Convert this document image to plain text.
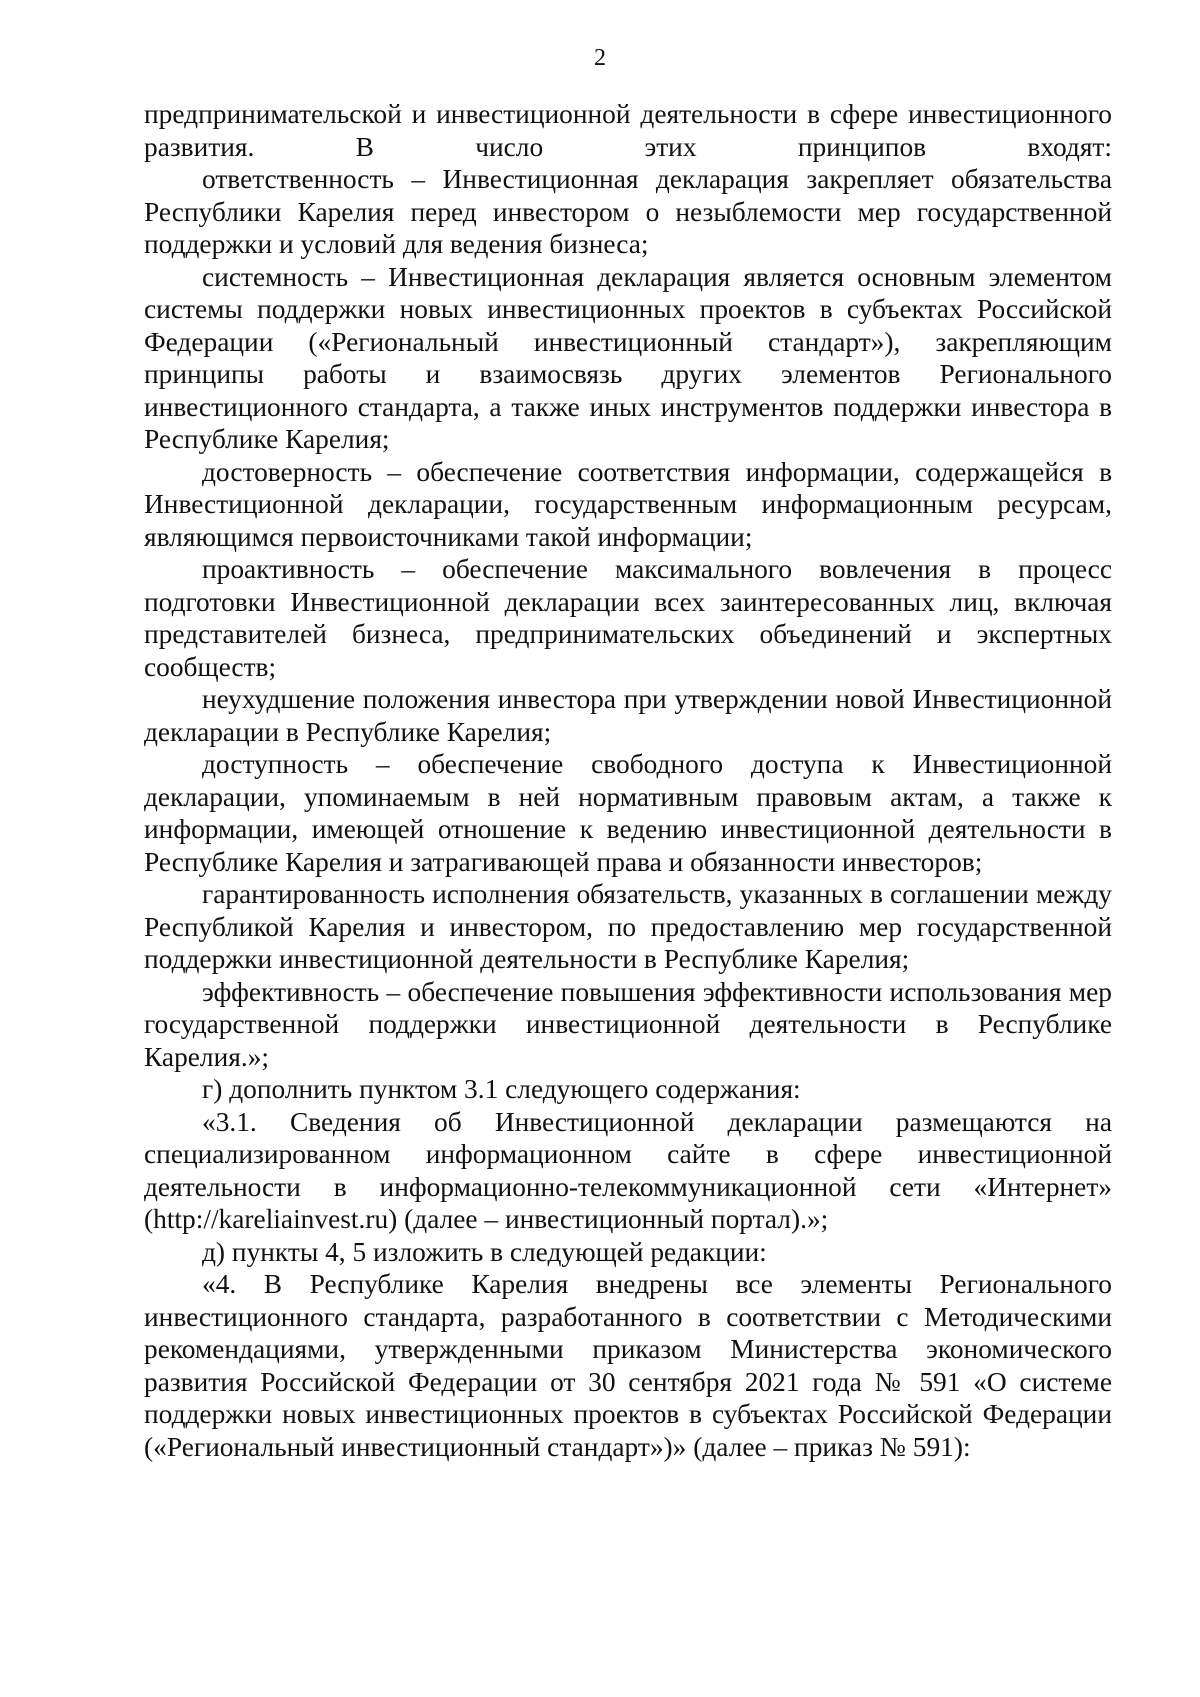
2

предпринимательской и инвестиционной деятельности в сфере инвестиционного развития. В число этих принципов входят:

ответственность – Инвестиционная декларация закрепляет обязательства Республики Карелия перед инвестором о незыблемости мер государственной поддержки и условий для ведения бизнеса;

системность – Инвестиционная декларация является основным элементом системы поддержки новых инвестиционных проектов в субъектах Российской Федерации («Региональный инвестиционный стандарт»), закрепляющим принципы работы и взаимосвязь других элементов Регионального инвестиционного стандарта, а также иных инструментов поддержки инвестора в Республике Карелия;

достоверность – обеспечение соответствия информации, содержащейся в Инвестиционной декларации, государственным информационным ресурсам, являющимся первоисточниками такой информации;

проактивность – обеспечение максимального вовлечения в процесс подготовки Инвестиционной декларации всех заинтересованных лиц, включая представителей бизнеса, предпринимательских объединений и экспертных сообществ;

неухудшение положения инвестора при утверждении новой Инвестиционной декларации в Республике Карелия;

доступность – обеспечение свободного доступа к Инвестиционной декларации, упоминаемым в ней нормативным правовым актам, а также к информации, имеющей отношение к ведению инвестиционной деятельности в Республике Карелия и затрагивающей права и обязанности инвесторов;

гарантированность исполнения обязательств, указанных в соглашении между Республикой Карелия и инвестором, по предоставлению мер государственной поддержки инвестиционной деятельности в Республике Карелия;

эффективность – обеспечение повышения эффективности использования мер государственной поддержки инвестиционной деятельности в Республике Карелия.»;

г) дополнить пунктом 3.1 следующего содержания:

«3.1. Сведения об Инвестиционной декларации размещаются на специализированном информационном сайте в сфере инвестиционной деятельности в информационно-телекоммуникационной сети «Интернет» (http://kareliainvest.ru) (далее – инвестиционный портал).»;

д) пункты 4, 5 изложить в следующей редакции:

«4. В Республике Карелия внедрены все элементы Регионального инвестиционного стандарта, разработанного в соответствии с Методическими рекомендациями, утвержденными приказом Министерства экономического развития Российской Федерации от 30 сентября 2021 года № 591 «О системе поддержки новых инвестиционных проектов в субъектах Российской Федерации («Региональный инвестиционный стандарт»)» (далее – приказ № 591):
